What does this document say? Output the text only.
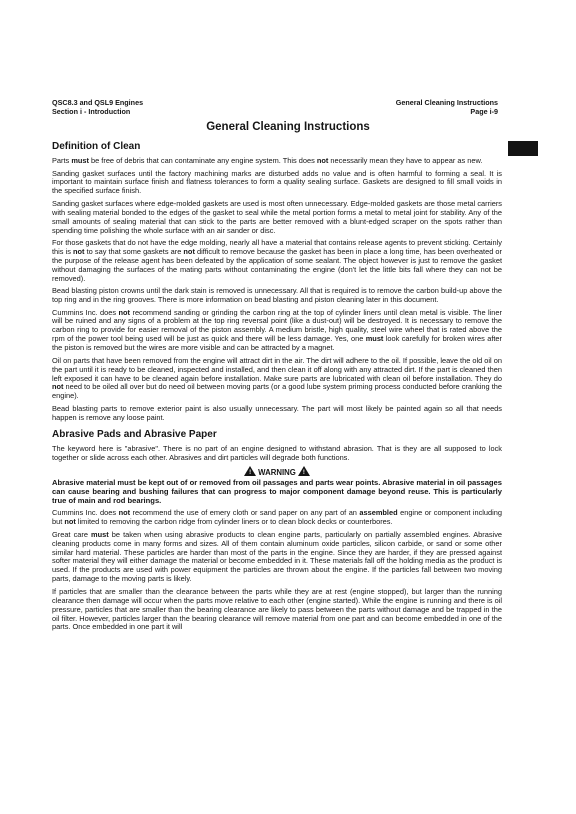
QSC8.3 and QSL9 Engines
Section i - Introduction
General Cleaning Instructions
Page i-9
General Cleaning Instructions
Definition of Clean

Parts must be free of debris that can contaminate any engine system. This does not necessarily mean they have to appear as new.

Sanding gasket surfaces until the factory machining marks are disturbed adds no value and is often harmful to forming a seal. It is important to maintain surface finish and flatness tolerances to form a quality sealing surface. Gaskets are designed to fill small voids in the specified surface finish.

Sanding gasket surfaces where edge-molded gaskets are used is most often unnecessary. Edge-molded gaskets are those metal carriers with sealing material bonded to the edges of the gasket to seal while the metal portion forms a metal to metal joint for stability. Any of the small amounts of sealing material that can stick to the parts are better removed with a blunt-edged scraper on the spots rather than spending time polishing the whole surface with an air sander or disc.

For those gaskets that do not have the edge molding, nearly all have a material that contains release agents to prevent sticking. Certainly this is not to say that some gaskets are not difficult to remove because the gasket has been in place a long time, has been overheated or the purpose of the release agent has been defeated by the application of some sealant. The object however is just to remove the gasket without damaging the surfaces of the mating parts without contaminating the engine (don't let the little bits fall where they can not be removed).

Bead blasting piston crowns until the dark stain is removed is unnecessary. All that is required is to remove the carbon build-up above the top ring and in the ring grooves. There is more information on bead blasting and piston cleaning later in this document.

Cummins Inc. does not recommend sanding or grinding the carbon ring at the top of cylinder liners until clean metal is visible. The liner will be ruined and any signs of a problem at the top ring reversal point (like a dust-out) will be destroyed. It is necessary to remove the carbon ring to provide for easier removal of the piston assembly. A medium bristle, high quality, steel wire wheel that is rated above the rpm of the power tool being used will be just as quick and there will be less damage. Yes, one must look carefully for broken wires after the piston is removed but the wires are more visible and can be attracted by a magnet.

Oil on parts that have been removed from the engine will attract dirt in the air. The dirt will adhere to the oil. If possible, leave the old oil on the part until it is ready to be cleaned, inspected and installed, and then clean it off along with any attracted dirt. If the part is cleaned then left exposed it can have to be cleaned again before installation. Make sure parts are lubricated with clean oil before installation. They do not need to be oiled all over but do need oil between moving parts (or a good lube system priming process conducted before cranking the engine).

Bead blasting parts to remove exterior paint is also usually unnecessary. The part will most likely be painted again so all that needs happen is remove any loose paint.

Abrasive Pads and Abrasive Paper

The keyword here is "abrasive". There is no part of an engine designed to withstand abrasion. That is they are all supposed to lock together or slide across each other. Abrasives and dirt particles will degrade both functions.

! WARNING !

Abrasive material must be kept out of or removed from oil passages and parts wear points. Abrasive material in oil passages can cause bearing and bushing failures that can progress to major component damage beyond reuse. This is particularly true of main and rod bearings.

Cummins Inc. does not recommend the use of emery cloth or sand paper on any part of an assembled engine or component including but not limited to removing the carbon ridge from cylinder liners or to clean block decks or counterbores.

Great care must be taken when using abrasive products to clean engine parts, particularly on partially assembled engines. Abrasive cleaning products come in many forms and sizes. All of them contain aluminum oxide particles, silicon carbide, or sand or some other similar hard material. These particles are harder than most of the parts in the engine. Since they are harder, if they are pressed against softer material they will either damage the material or become embedded in it. These materials fall off the holding media as the product is used. If the products are used with power equipment the particles are thrown about the engine. If the particles fall between two moving parts, damage to the moving parts is likely.

If particles that are smaller than the clearance between the parts while they are at rest (engine stopped), but larger than the running clearance then damage will occur when the parts move relative to each other (engine started). While the engine is running and there is oil pressure, particles that are smaller than the bearing clearance are likely to pass between the parts without damage and be trapped in the oil filter. However, particles larger than the bearing clearance will remove material from one part and can become embedded in one of the parts. Once embedded in one part it will
